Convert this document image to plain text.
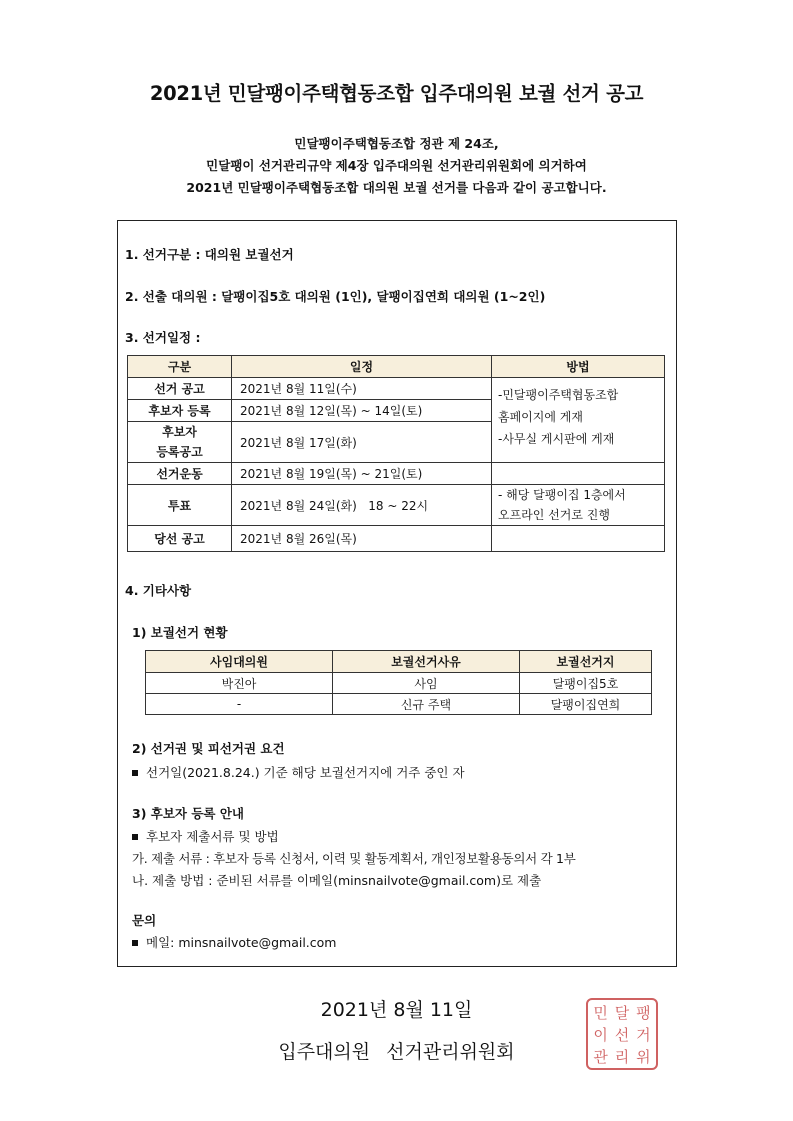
2021년 민달팽이주택협동조합 입주대의원 보궐 선거 공고
민달팽이주택협동조합 정관 제 24조,
민달팽이 선거관리규약 제4장 입주대의원 선거관리위원회에 의거하여
2021년 민달팽이주택협동조합 대의원 보궐 선거를 다음과 같이 공고합니다.
1. 선거구분 : 대의원 보궐선거
2. 선출 대의원 : 달팽이집5호 대의원 (1인), 달팽이집연희 대의원 (1~2인)
3. 선거일정 :
구분	일정	방법
선거 공고	2021년 8월 11일(수)	-민달팽이주택협동조합
홈페이지에 게재
-사무실 게시판에 게재
후보자 등록	2021년 8월 12일(목) ~ 14일(토)	
후보자
등록공고	2021년 8월 17일(화)	
선거운동	2021년 8월 19일(목) ~ 21일(토)	
투표	2021년 8월 24일(화)   18 ~ 22시	- 해당 달팽이집 1층에서
오프라인 선거로 진행
당선 공고	2021년 8월 26일(목)	
4. 기타사항
1) 보궐선거 현황
사임대의원	보궐선거사유	보궐선거지
박진아	사임	달팽이집5호
-	신규 주택	달팽이집연희
2) 선거권 및 피선거권 요건
선거일(2021.8.24.) 기준 해당 보궐선거지에 거주 중인 자
3) 후보자 등록 안내
후보자 제출서류 및 방법
가. 제출 서류 : 후보자 등록 신청서, 이력 및 활동계획서, 개인정보활용동의서 각 1부
나. 제출 방법 : 준비된 서류를 이메일(minsnailvote@gmail.com)로 제출
문의
메일: minsnailvote@gmail.com
2021년 8월 11일
입주대의원 선거관리위원회
민 달 팽
이 선 거
관 리 위
